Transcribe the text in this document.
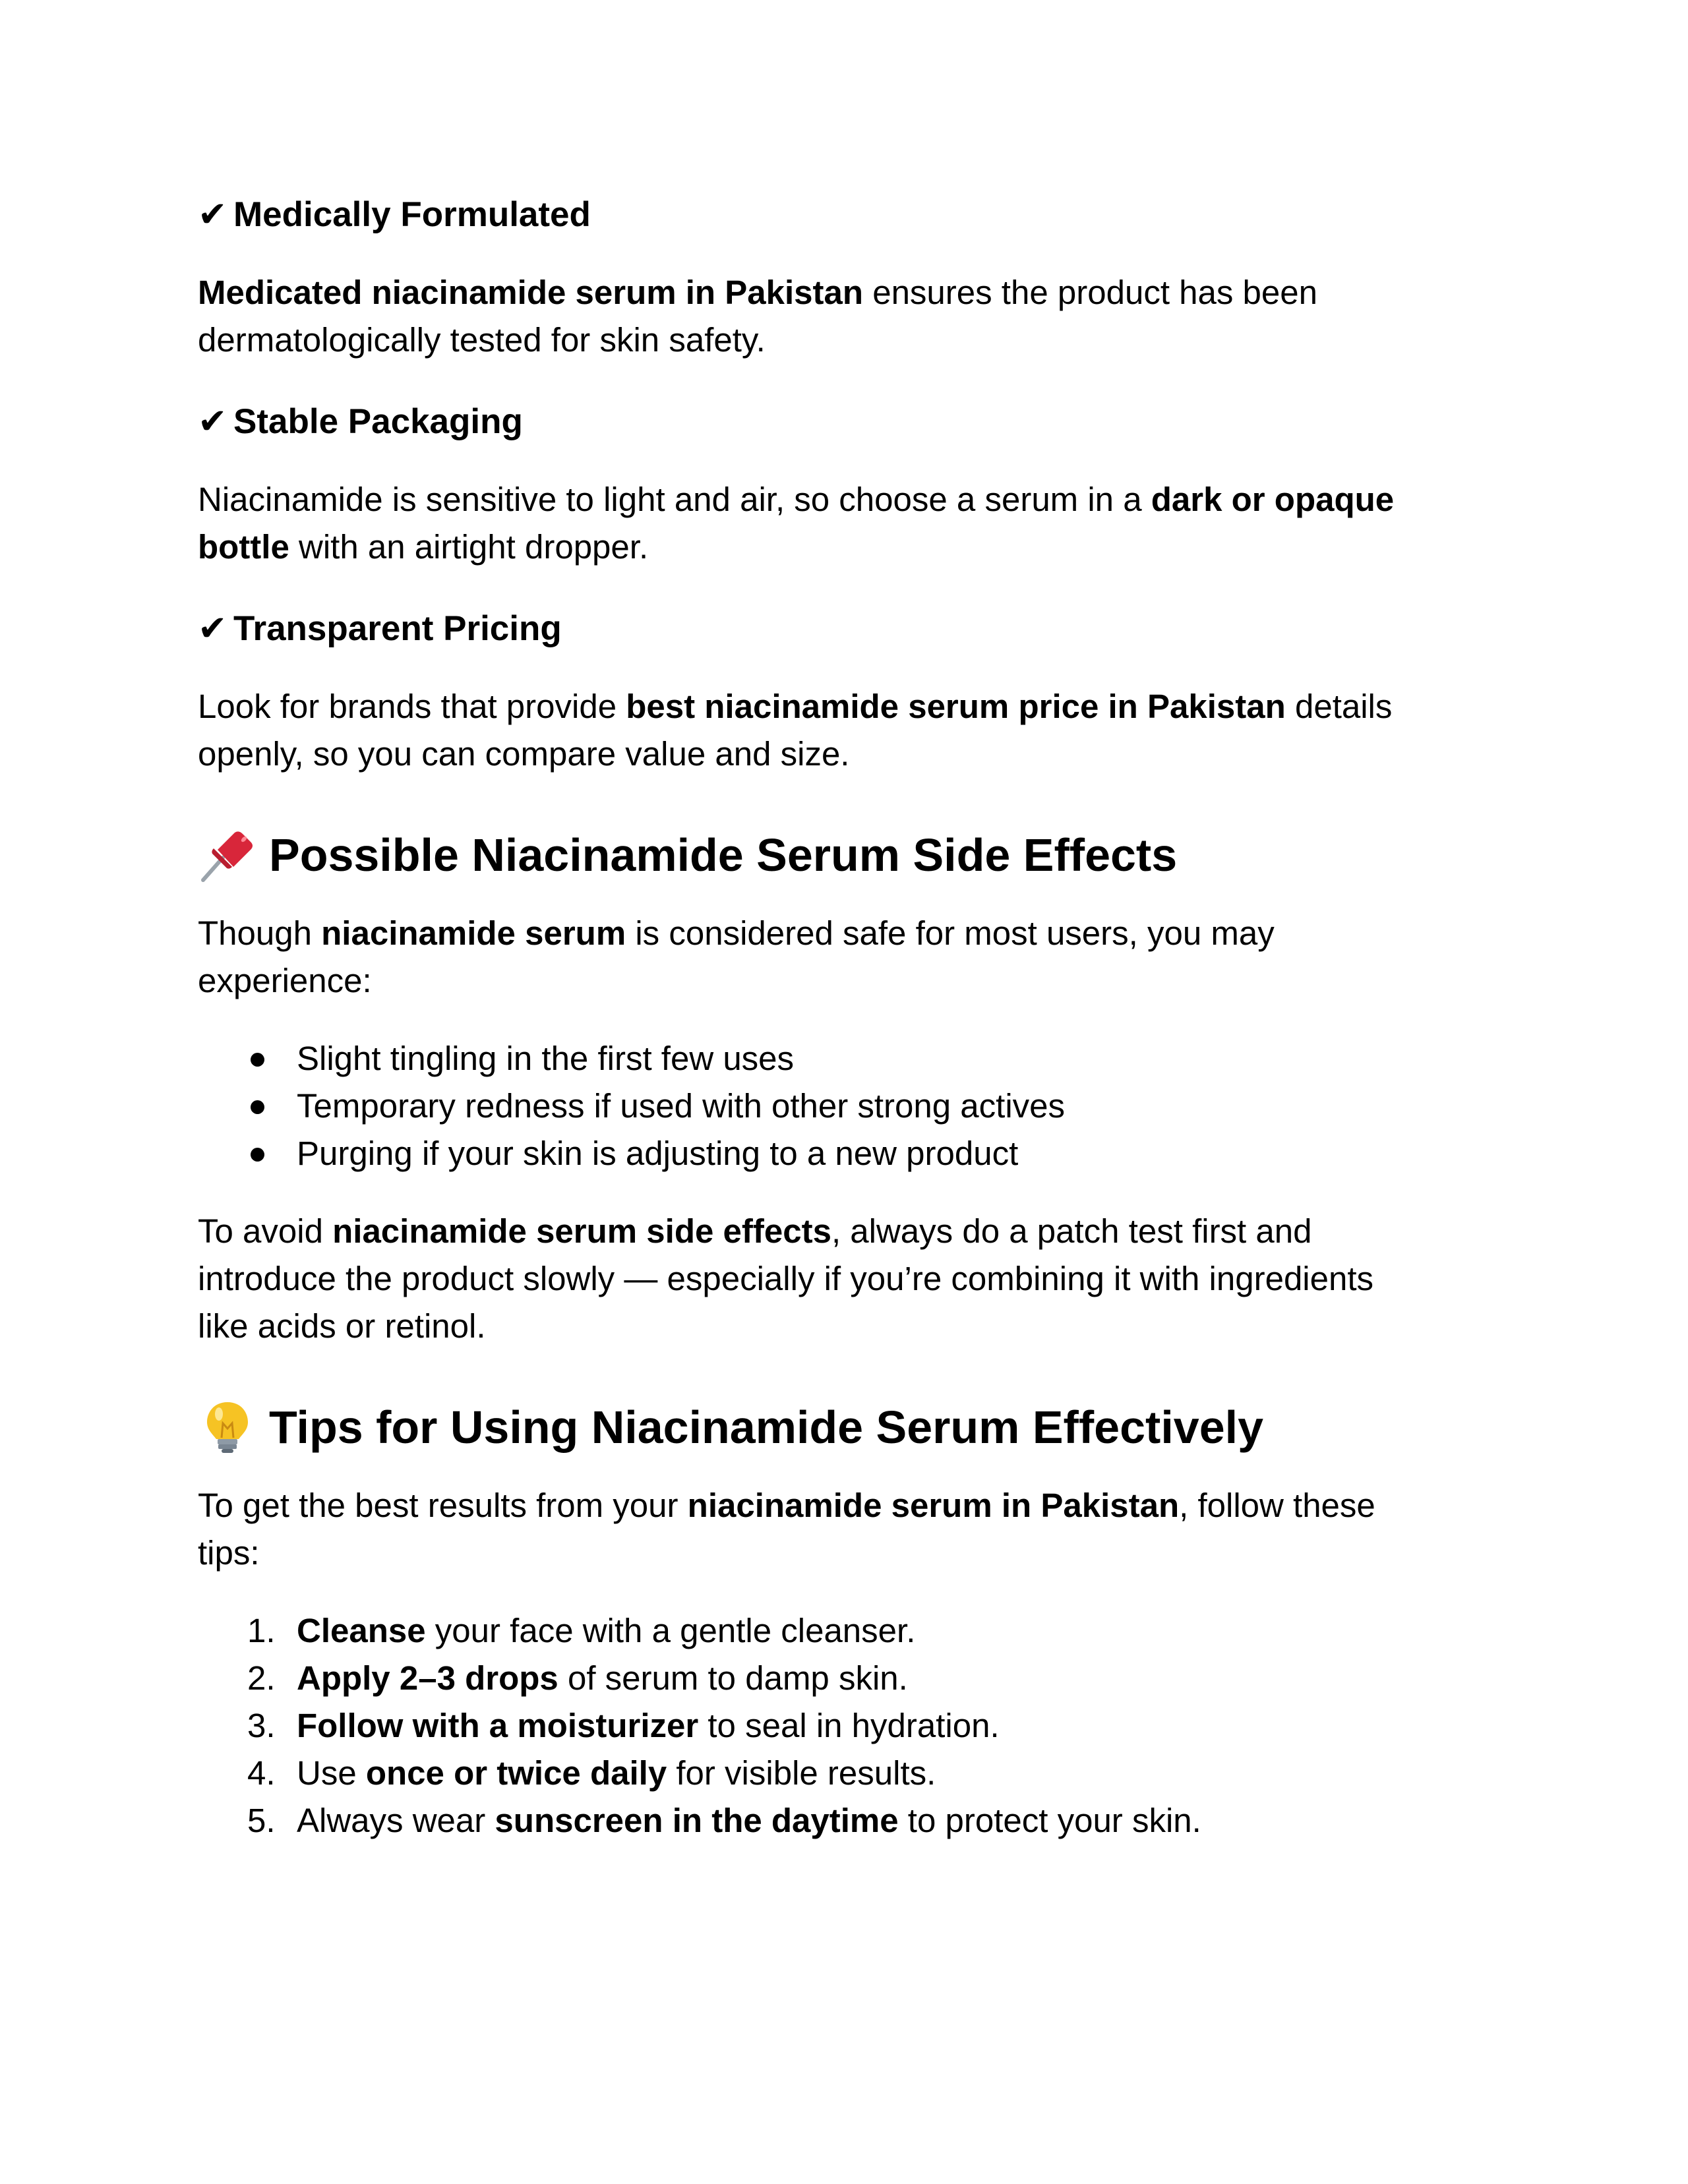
✔ Medically Formulated

Medicated niacinamide serum in Pakistan ensures the product has been
dermatologically tested for skin safety.

✔ Stable Packaging

Niacinamide is sensitive to light and air, so choose a serum in a dark or opaque
bottle with an airtight dropper.

✔ Transparent Pricing

Look for brands that provide best niacinamide serum price in Pakistan details
openly, so you can compare value and size.

Possible Niacinamide Serum Side Effects

Though niacinamide serum is considered safe for most users, you may
experience:

Slight tingling in the first few uses
Temporary redness if used with other strong actives
Purging if your skin is adjusting to a new product

To avoid niacinamide serum side effects, always do a patch test first and
introduce the product slowly — especially if you’re combining it with ingredients
like acids or retinol.

Tips for Using Niacinamide Serum Effectively

To get the best results from your niacinamide serum in Pakistan, follow these
tips:

1. Cleanse your face with a gentle cleanser.
2. Apply 2–3 drops of serum to damp skin.
3. Follow with a moisturizer to seal in hydration.
4. Use once or twice daily for visible results.
5. Always wear sunscreen in the daytime to protect your skin.
